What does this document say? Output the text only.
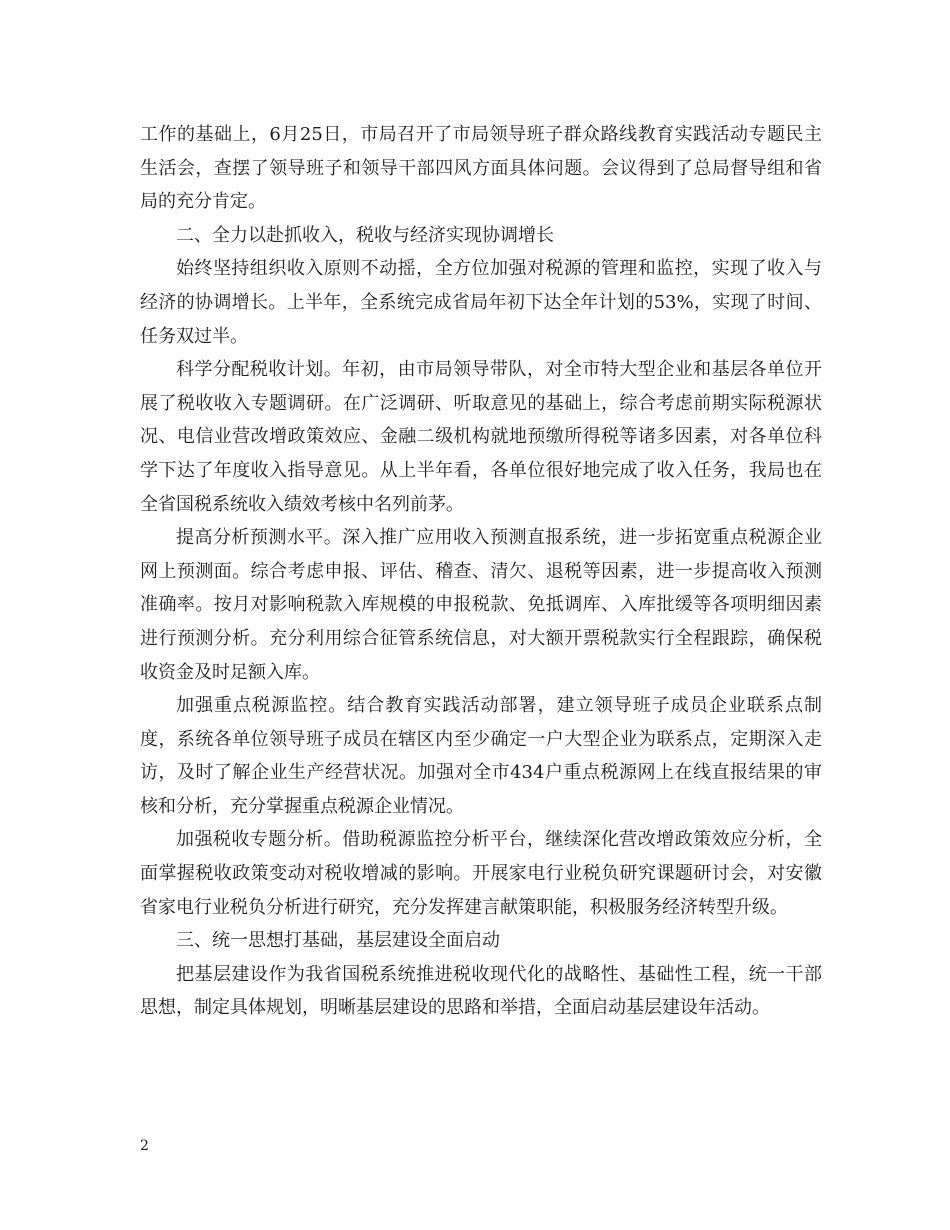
工作的基础上，6月25日，市局召开了市局领导班子群众路线教育实践活动专题民主生活会，查摆了领导班子和领导干部四风方面具体问题。会议得到了总局督导组和省局的充分肯定。

二、全力以赴抓收入，税收与经济实现协调增长

始终坚持组织收入原则不动摇，全方位加强对税源的管理和监控，实现了收入与经济的协调增长。上半年，全系统完成省局年初下达全年计划的53%，实现了时间、任务双过半。

科学分配税收计划。年初，由市局领导带队，对全市特大型企业和基层各单位开展了税收收入专题调研。在广泛调研、听取意见的基础上，综合考虑前期实际税源状况、电信业营改增政策效应、金融二级机构就地预缴所得税等诸多因素，对各单位科学下达了年度收入指导意见。从上半年看，各单位很好地完成了收入任务，我局也在全省国税系统收入绩效考核中名列前茅。

提高分析预测水平。深入推广应用收入预测直报系统，进一步拓宽重点税源企业网上预测面。综合考虑申报、评估、稽查、清欠、退税等因素，进一步提高收入预测准确率。按月对影响税款入库规模的申报税款、免抵调库、入库批缓等各项明细因素进行预测分析。充分利用综合征管系统信息，对大额开票税款实行全程跟踪，确保税收资金及时足额入库。

加强重点税源监控。结合教育实践活动部署，建立领导班子成员企业联系点制度，系统各单位领导班子成员在辖区内至少确定一户大型企业为联系点，定期深入走访，及时了解企业生产经营状况。加强对全市434户重点税源网上在线直报结果的审核和分析，充分掌握重点税源企业情况。

加强税收专题分析。借助税源监控分析平台，继续深化营改增政策效应分析，全面掌握税收政策变动对税收增减的影响。开展家电行业税负研究课题研讨会，对安徽省家电行业税负分析进行研究，充分发挥建言献策职能，积极服务经济转型升级。

三、统一思想打基础，基层建设全面启动

把基层建设作为我省国税系统推进税收现代化的战略性、基础性工程，统一干部思想，制定具体规划，明晰基层建设的思路和举措，全面启动基层建设年活动。

2
